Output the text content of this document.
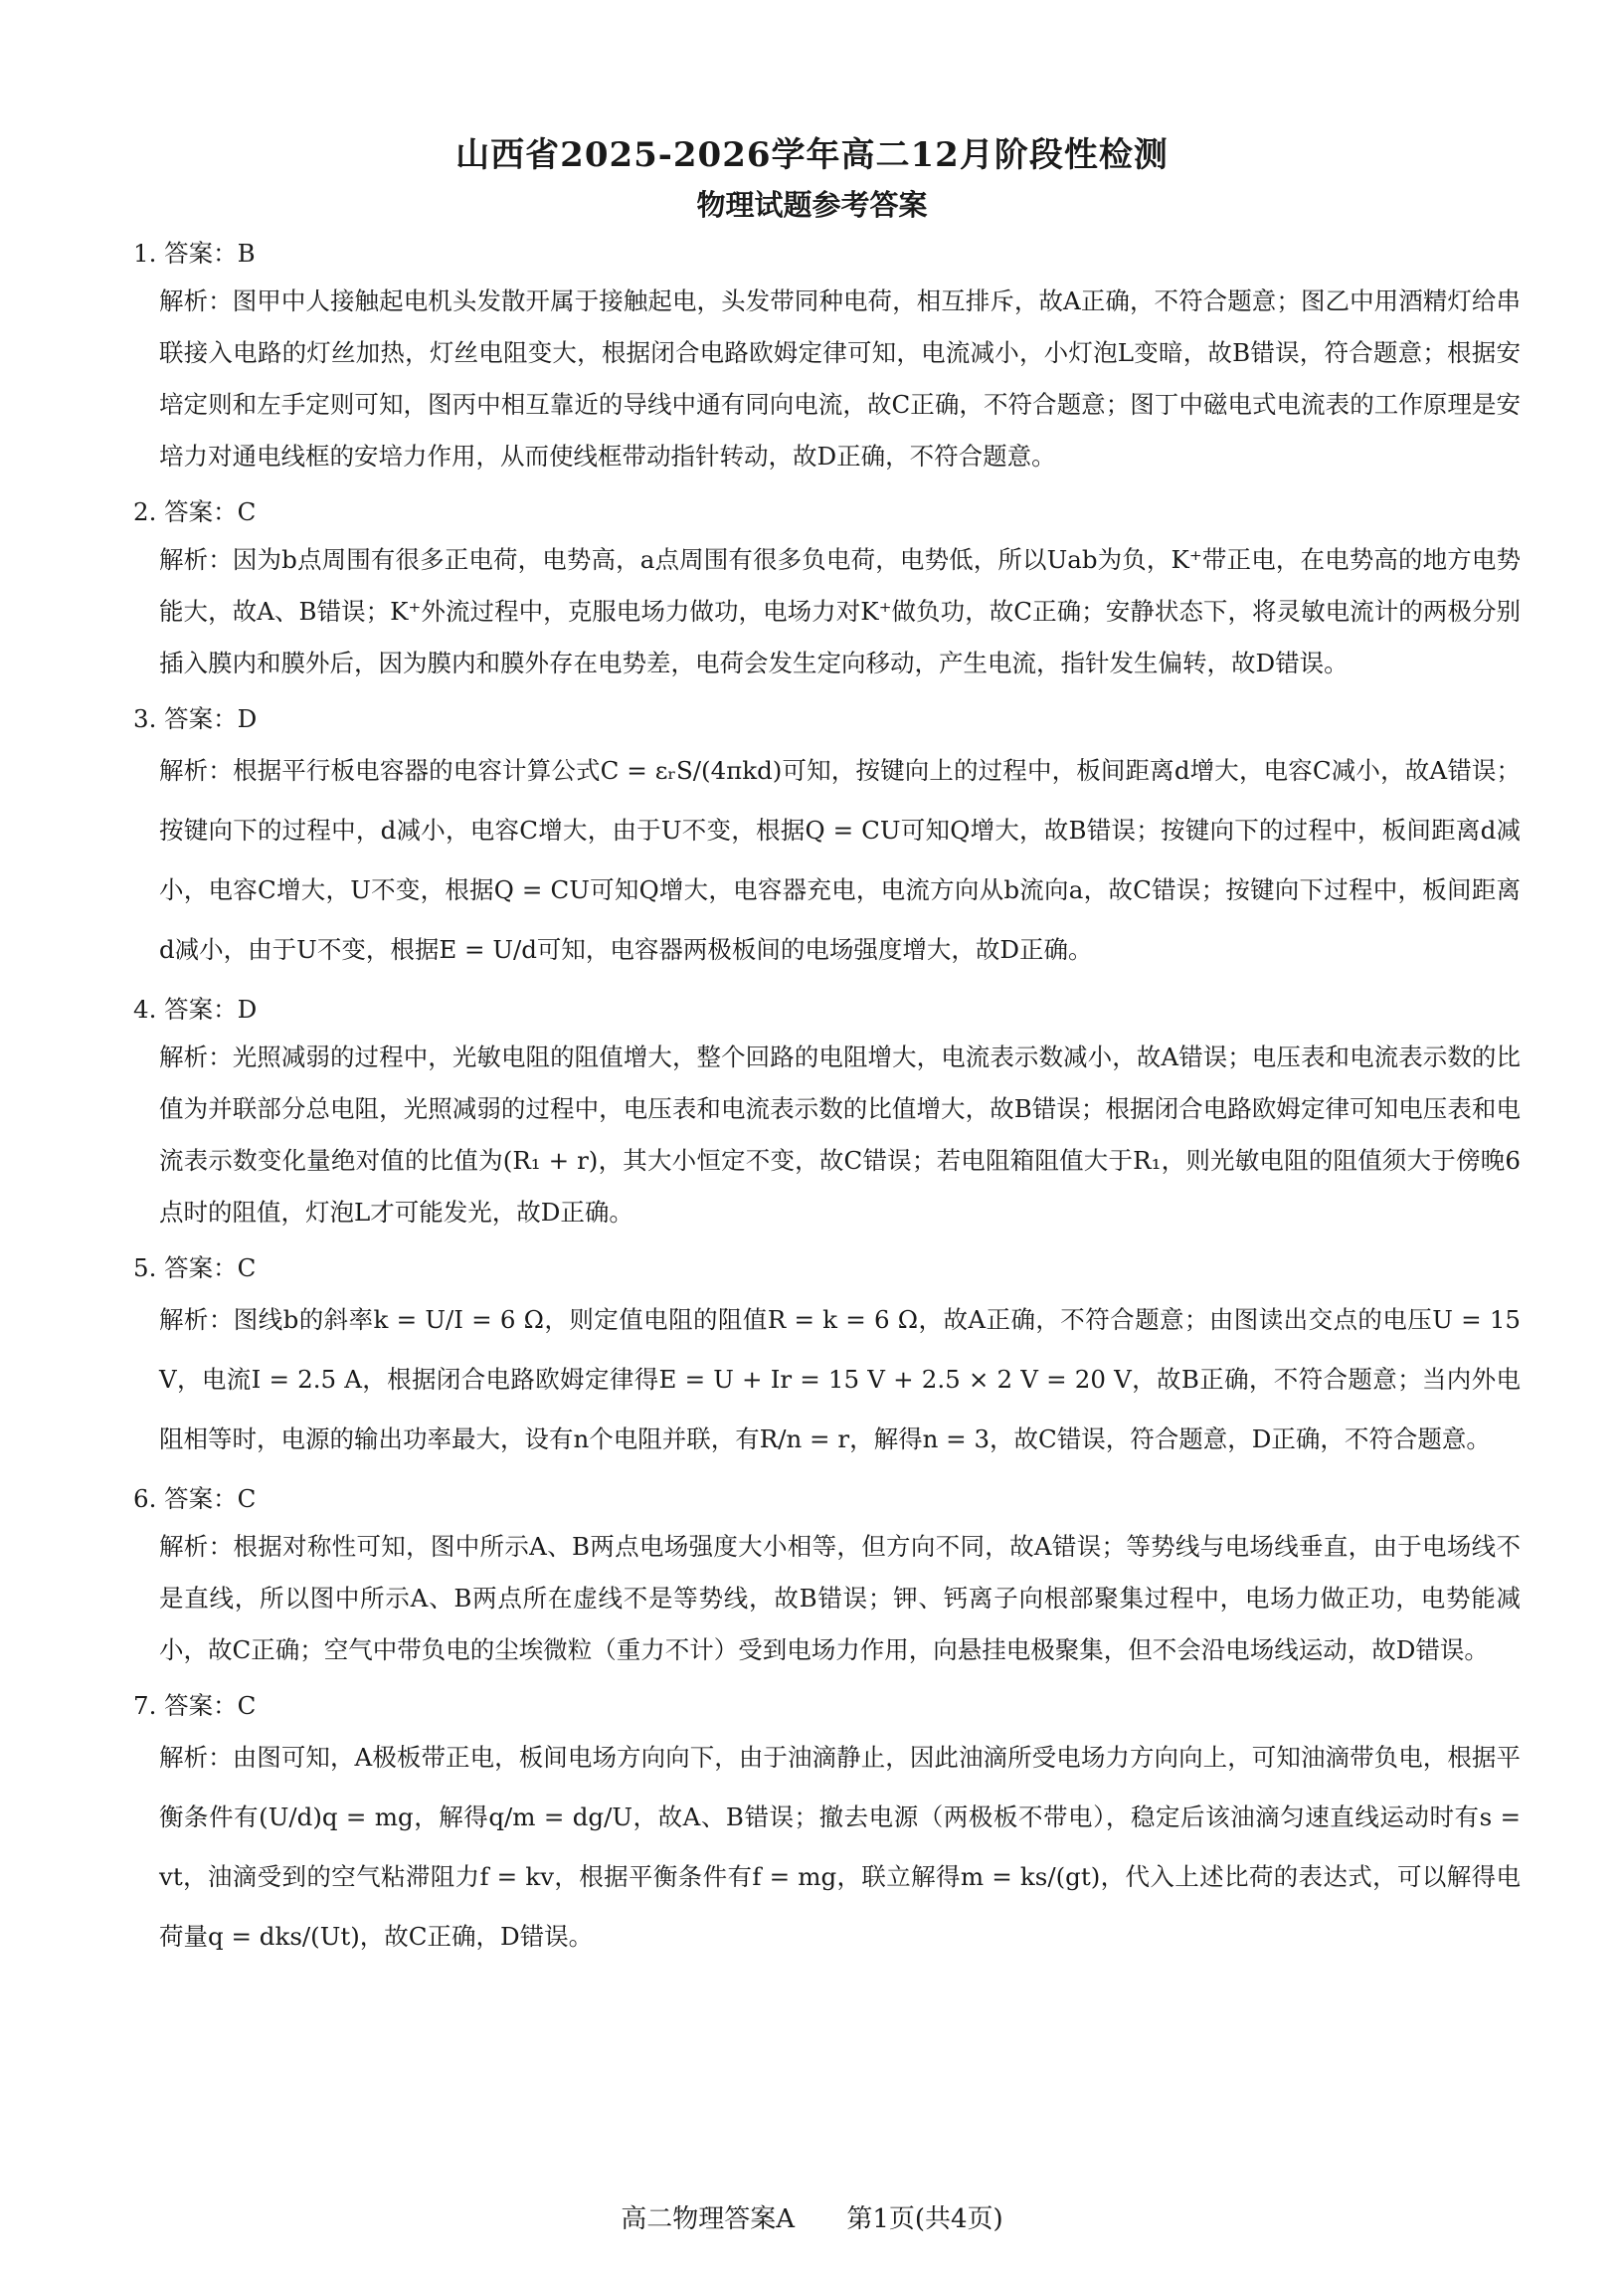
山西省2025-2026学年高二12月阶段性检测
物理试题参考答案
1. 答案：B
解析：图甲中人接触起电机头发散开属于接触起电，头发带同种电荷，相互排斥，故A正确，不符合题意；图乙中用酒精灯给串联接入电路的灯丝加热，灯丝电阻变大，根据闭合电路欧姆定律可知，电流减小，小灯泡L变暗，故B错误，符合题意；根据安培定则和左手定则可知，图丙中相互靠近的导线中通有同向电流，故C正确，不符合题意；图丁中磁电式电流表的工作原理是安培力对通电线框的安培力作用，从而使线框带动指针转动，故D正确，不符合题意。
2. 答案：C
解析：因为b点周围有很多正电荷，电势高，a点周围有很多负电荷，电势低，所以Uab为负，K⁺带正电，在电势高的地方电势能大，故A、B错误；K⁺外流过程中，克服电场力做功，电场力对K⁺做负功，故C正确；安静状态下，将灵敏电流计的两极分别插入膜内和膜外后，因为膜内和膜外存在电势差，电荷会发生定向移动，产生电流，指针发生偏转，故D错误。
3. 答案：D
解析：根据平行板电容器的电容计算公式C = εᵣS/(4πkd)可知，按键向上的过程中，板间距离d增大，电容C减小，故A错误；按键向下的过程中，d减小，电容C增大，由于U不变，根据Q = CU可知Q增大，故B错误；按键向下的过程中，板间距离d减小，电容C增大，U不变，根据Q = CU可知Q增大，电容器充电，电流方向从b流向a，故C错误；按键向下过程中，板间距离d减小，由于U不变，根据E = U/d可知，电容器两极板间的电场强度增大，故D正确。
4. 答案：D
解析：光照减弱的过程中，光敏电阻的阻值增大，整个回路的电阻增大，电流表示数减小，故A错误；电压表和电流表示数的比值为并联部分总电阻，光照减弱的过程中，电压表和电流表示数的比值增大，故B错误；根据闭合电路欧姆定律可知电压表和电流表示数变化量绝对值的比值为(R₁ + r)，其大小恒定不变，故C错误；若电阻箱阻值大于R₁，则光敏电阻的阻值须大于傍晚6点时的阻值，灯泡L才可能发光，故D正确。
5. 答案：C
解析：图线b的斜率k = U/I = 6 Ω，则定值电阻的阻值R = k = 6 Ω，故A正确，不符合题意；由图读出交点的电压U = 15 V，电流I = 2.5 A，根据闭合电路欧姆定律得E = U + Ir = 15 V + 2.5 × 2 V = 20 V，故B正确，不符合题意；当内外电阻相等时，电源的输出功率最大，设有n个电阻并联，有R/n = r，解得n = 3，故C错误，符合题意，D正确，不符合题意。
6. 答案：C
解析：根据对称性可知，图中所示A、B两点电场强度大小相等，但方向不同，故A错误；等势线与电场线垂直，由于电场线不是直线，所以图中所示A、B两点所在虚线不是等势线，故B错误；钾、钙离子向根部聚集过程中，电场力做正功，电势能减小，故C正确；空气中带负电的尘埃微粒（重力不计）受到电场力作用，向悬挂电极聚集，但不会沿电场线运动，故D错误。
7. 答案：C
解析：由图可知，A极板带正电，板间电场方向向下，由于油滴静止，因此油滴所受电场力方向向上，可知油滴带负电，根据平衡条件有(U/d)q = mg，解得q/m = dg/U，故A、B错误；撤去电源（两极板不带电），稳定后该油滴匀速直线运动时有s = vt，油滴受到的空气粘滞阻力f = kv，根据平衡条件有f = mg，联立解得m = ks/(gt)，代入上述比荷的表达式，可以解得电荷量q = dks/(Ut)，故C正确，D错误。
高二物理答案A 第1页(共4页)
